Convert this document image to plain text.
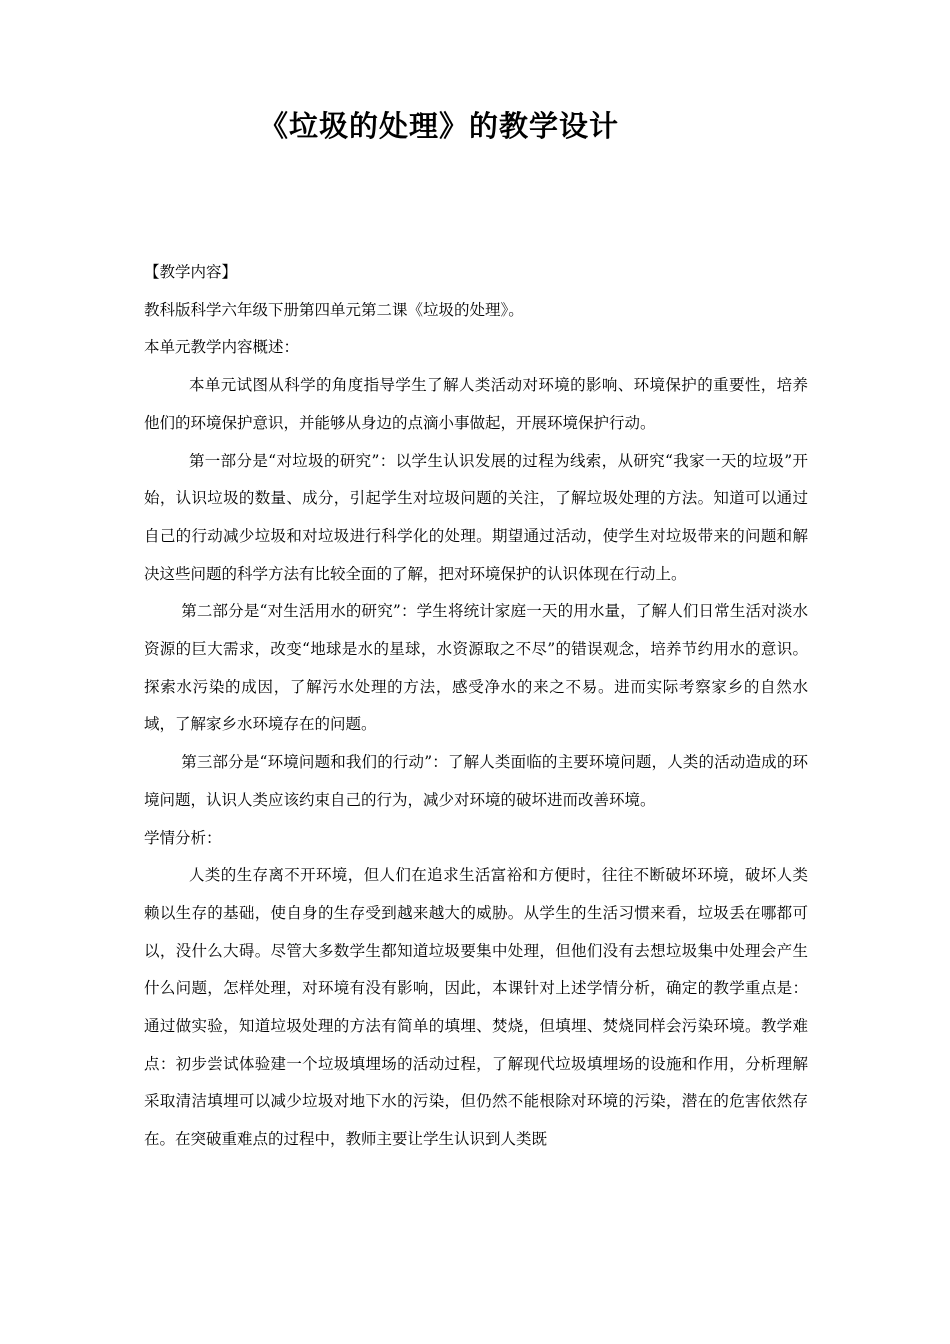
《垃圾的处理》的教学设计

【教学内容】

教科版科学六年级下册第四单元第二课《垃圾的处理》。

本单元教学内容概述：

本单元试图从科学的角度指导学生了解人类活动对环境的影响、环境保护的重要性，培养他们的环境保护意识，并能够从身边的点滴小事做起，开展环境保护行动。

第一部分是“对垃圾的研究”：以学生认识发展的过程为线索，从研究“我家一天的垃圾”开始，认识垃圾的数量、成分，引起学生对垃圾问题的关注，了解垃圾处理的方法。知道可以通过自己的行动减少垃圾和对垃圾进行科学化的处理。期望通过活动，使学生对垃圾带来的问题和解决这些问题的科学方法有比较全面的了解，把对环境保护的认识体现在行动上。

第二部分是“对生活用水的研究”：学生将统计家庭一天的用水量，了解人们日常生活对淡水资源的巨大需求，改变“地球是水的星球，水资源取之不尽”的错误观念，培养节约用水的意识。探索水污染的成因，了解污水处理的方法，感受净水的来之不易。进而实际考察家乡的自然水域，了解家乡水环境存在的问题。

第三部分是“环境问题和我们的行动”：了解人类面临的主要环境问题，人类的活动造成的环境问题，认识人类应该约束自己的行为，减少对环境的破坏进而改善环境。

学情分析：

人类的生存离不开环境，但人们在追求生活富裕和方便时，往往不断破坏环境，破坏人类赖以生存的基础，使自身的生存受到越来越大的威胁。从学生的生活习惯来看，垃圾丢在哪都可以，没什么大碍。尽管大多数学生都知道垃圾要集中处理，但他们没有去想垃圾集中处理会产生什么问题，怎样处理，对环境有没有影响，因此，本课针对上述学情分析，确定的教学重点是：通过做实验，知道垃圾处理的方法有简单的填埋、焚烧，但填埋、焚烧同样会污染环境。教学难点：初步尝试体验建一个垃圾填埋场的活动过程，了解现代垃圾填埋场的设施和作用，分析理解采取清洁填埋可以减少垃圾对地下水的污染，但仍然不能根除对环境的污染，潜在的危害依然存在。在突破重难点的过程中，教师主要让学生认识到人类既
